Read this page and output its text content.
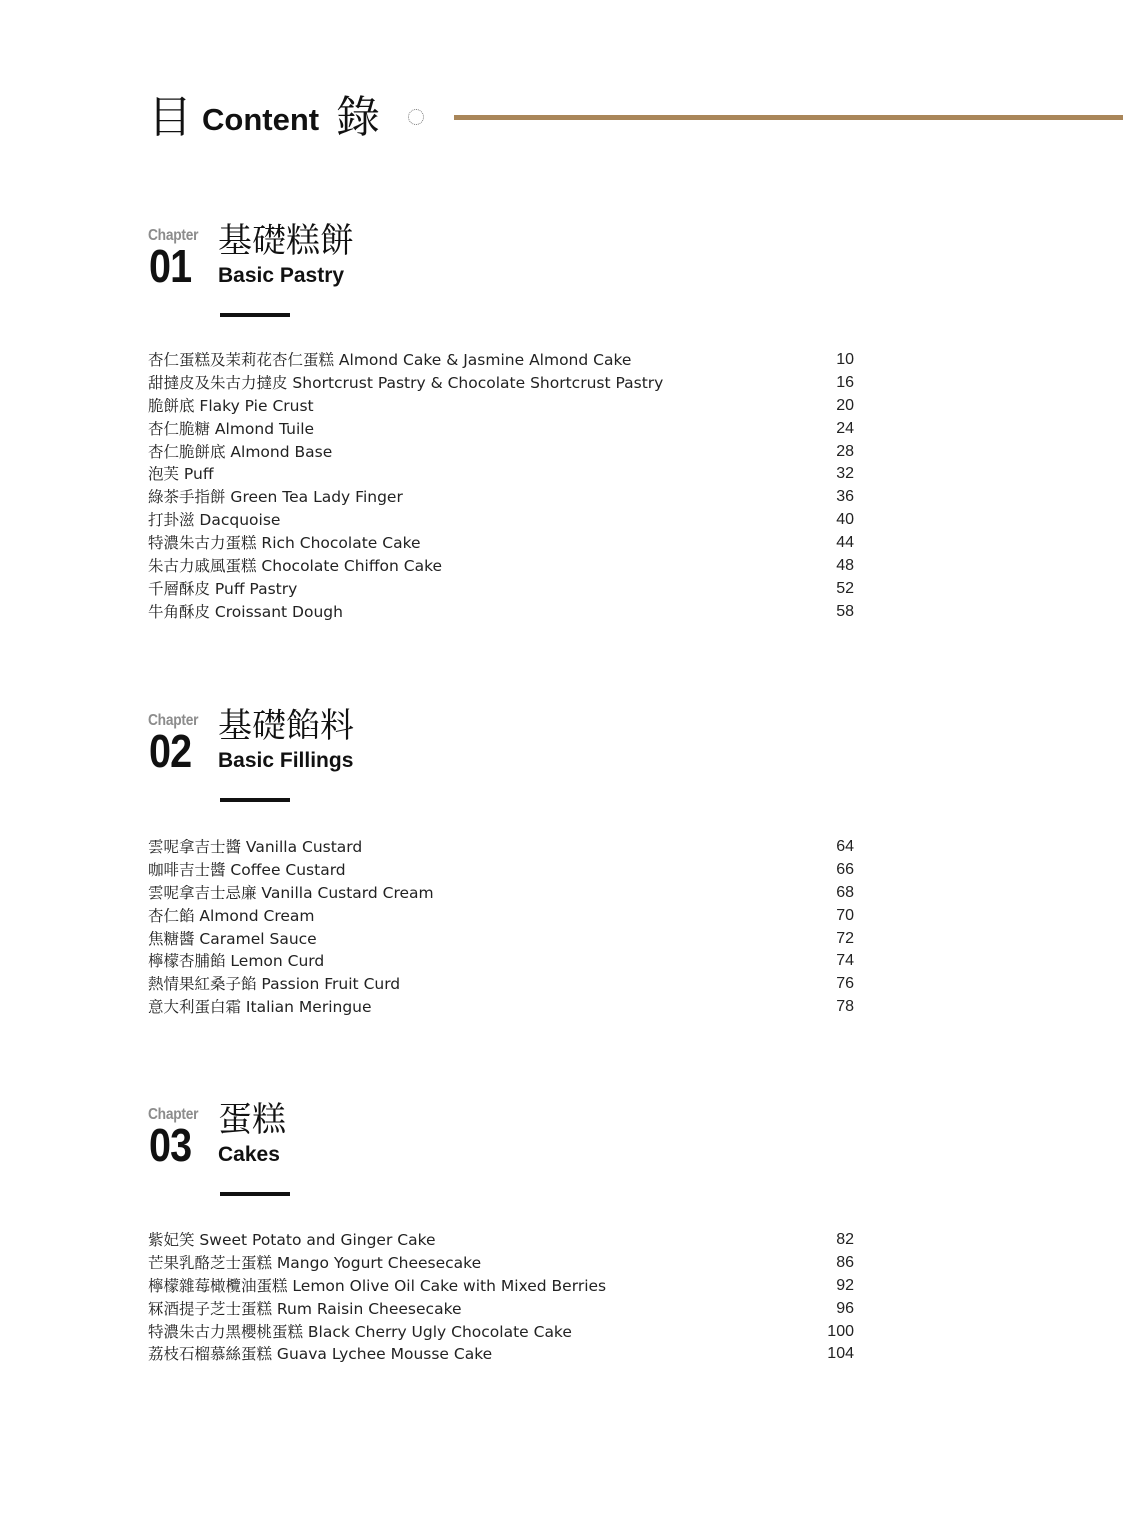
目 Content 錄
Chapter
01 基礎糕餅
Basic Pastry
杏仁蛋糕及茉莉花杏仁蛋糕 Almond Cake & Jasmine Almond Cake	10
甜撻皮及朱古力撻皮 Shortcrust Pastry & Chocolate Shortcrust Pastry	16
脆餅底 Flaky Pie Crust	20
杏仁脆糖 Almond Tuile	24
杏仁脆餅底 Almond Base	28
泡芙 Puff	32
綠茶手指餅 Green Tea Lady Finger	36
打卦滋 Dacquoise	40
特濃朱古力蛋糕 Rich Chocolate Cake	44
朱古力戚風蛋糕 Chocolate Chiffon Cake	48
千層酥皮 Puff Pastry	52
牛角酥皮 Croissant Dough	58
Chapter
02 基礎餡料
Basic Fillings
雲呢拿吉士醬 Vanilla Custard	64
咖啡吉士醬 Coffee Custard	66
雲呢拿吉士忌廉 Vanilla Custard Cream	68
杏仁餡 Almond Cream	70
焦糖醬 Caramel Sauce	72
檸檬杏脯餡 Lemon Curd	74
熱情果紅桑子餡 Passion Fruit Curd	76
意大利蛋白霜 Italian Meringue	78
Chapter
03 蛋糕
Cakes
紫妃笑 Sweet Potato and Ginger Cake	82
芒果乳酪芝士蛋糕 Mango Yogurt Cheesecake	86
檸檬雜莓橄欖油蛋糕 Lemon Olive Oil Cake with Mixed Berries	92
冧酒提子芝士蛋糕 Rum Raisin Cheesecake	96
特濃朱古力黑櫻桃蛋糕 Black Cherry Ugly Chocolate Cake	100
荔枝石榴慕絲蛋糕 Guava Lychee Mousse Cake	104
